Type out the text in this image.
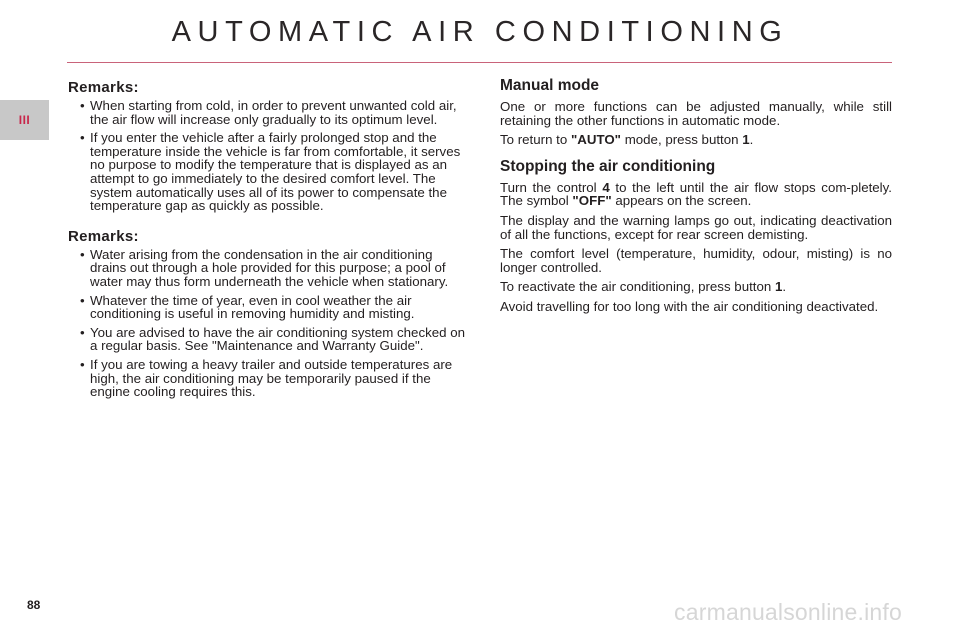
AUTOMATIC AIR CONDITIONING
III
Remarks:
• When starting from cold, in order to prevent unwanted cold air, the air flow will increase only gradually to its optimum level.
• If you enter the vehicle after a fairly prolonged stop and the temperature inside the vehicle is far from comfortable, it serves no purpose to modify the temperature that is displayed as an attempt to go immediately to the desired comfort level. The system automatically uses all of its power to compensate the temperature gap as quickly as possible.
Remarks:
• Water arising from the condensation in the air conditioning drains out through a hole provided for this purpose; a pool of water may thus form underneath the vehicle when stationary.
• Whatever the time of year, even in cool weather the air conditioning is useful in removing humidity and misting.
• You are advised to have the air conditioning system checked on a regular basis. See "Maintenance and Warranty Guide".
• If you are towing a heavy trailer and outside temperatures are high, the air conditioning may be temporarily paused if the engine cooling requires this.
Manual mode

One or more functions can be adjusted manually, while still retaining the other functions in automatic mode.

To return to "AUTO" mode, press button 1.

Stopping the air conditioning

Turn the control 4 to the left until the air flow stops com-pletely. The symbol "OFF" appears on the screen.

The display and the warning lamps go out, indicating deactivation of all the functions, except for rear screen demisting.

The comfort level (temperature, humidity, odour, misting) is no longer controlled.

To reactivate the air conditioning, press button 1.

Avoid travelling for too long with the air conditioning deactivated.

88	carmanualsonline.info
